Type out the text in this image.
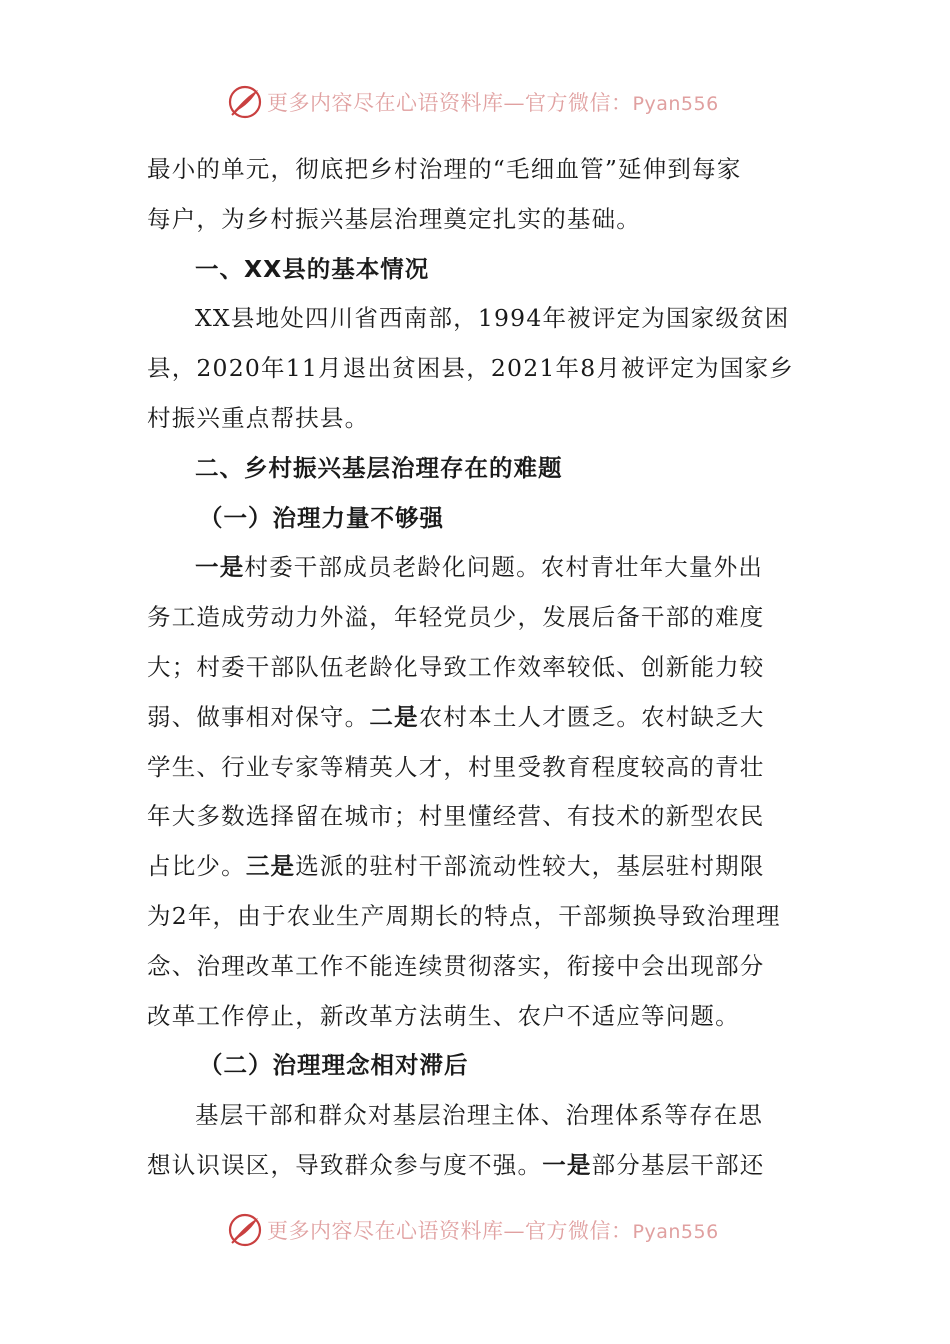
更多内容尽在心语资料库—官方微信：Pyan556
最小的单元，彻底把乡村治理的“毛细血管”延伸到每家
每户，为乡村振兴基层治理奠定扎实的基础。
一、XX县的基本情况
XX县地处四川省西南部，1994年被评定为国家级贫困
县，2020年11月退出贫困县，2021年8月被评定为国家乡
村振兴重点帮扶县。
二、乡村振兴基层治理存在的难题
（一）治理力量不够强
一是村委干部成员老龄化问题。农村青壮年大量外出
务工造成劳动力外溢，年轻党员少，发展后备干部的难度
大；村委干部队伍老龄化导致工作效率较低、创新能力较
弱、做事相对保守。二是农村本土人才匮乏。农村缺乏大
学生、行业专家等精英人才，村里受教育程度较高的青壮
年大多数选择留在城市；村里懂经营、有技术的新型农民
占比少。三是选派的驻村干部流动性较大，基层驻村期限
为2年，由于农业生产周期长的特点，干部频换导致治理理
念、治理改革工作不能连续贯彻落实，衔接中会出现部分
改革工作停止，新改革方法萌生、农户不适应等问题。
（二）治理理念相对滞后
基层干部和群众对基层治理主体、治理体系等存在思
想认识误区，导致群众参与度不强。一是部分基层干部还
更多内容尽在心语资料库—官方微信：Pyan556
